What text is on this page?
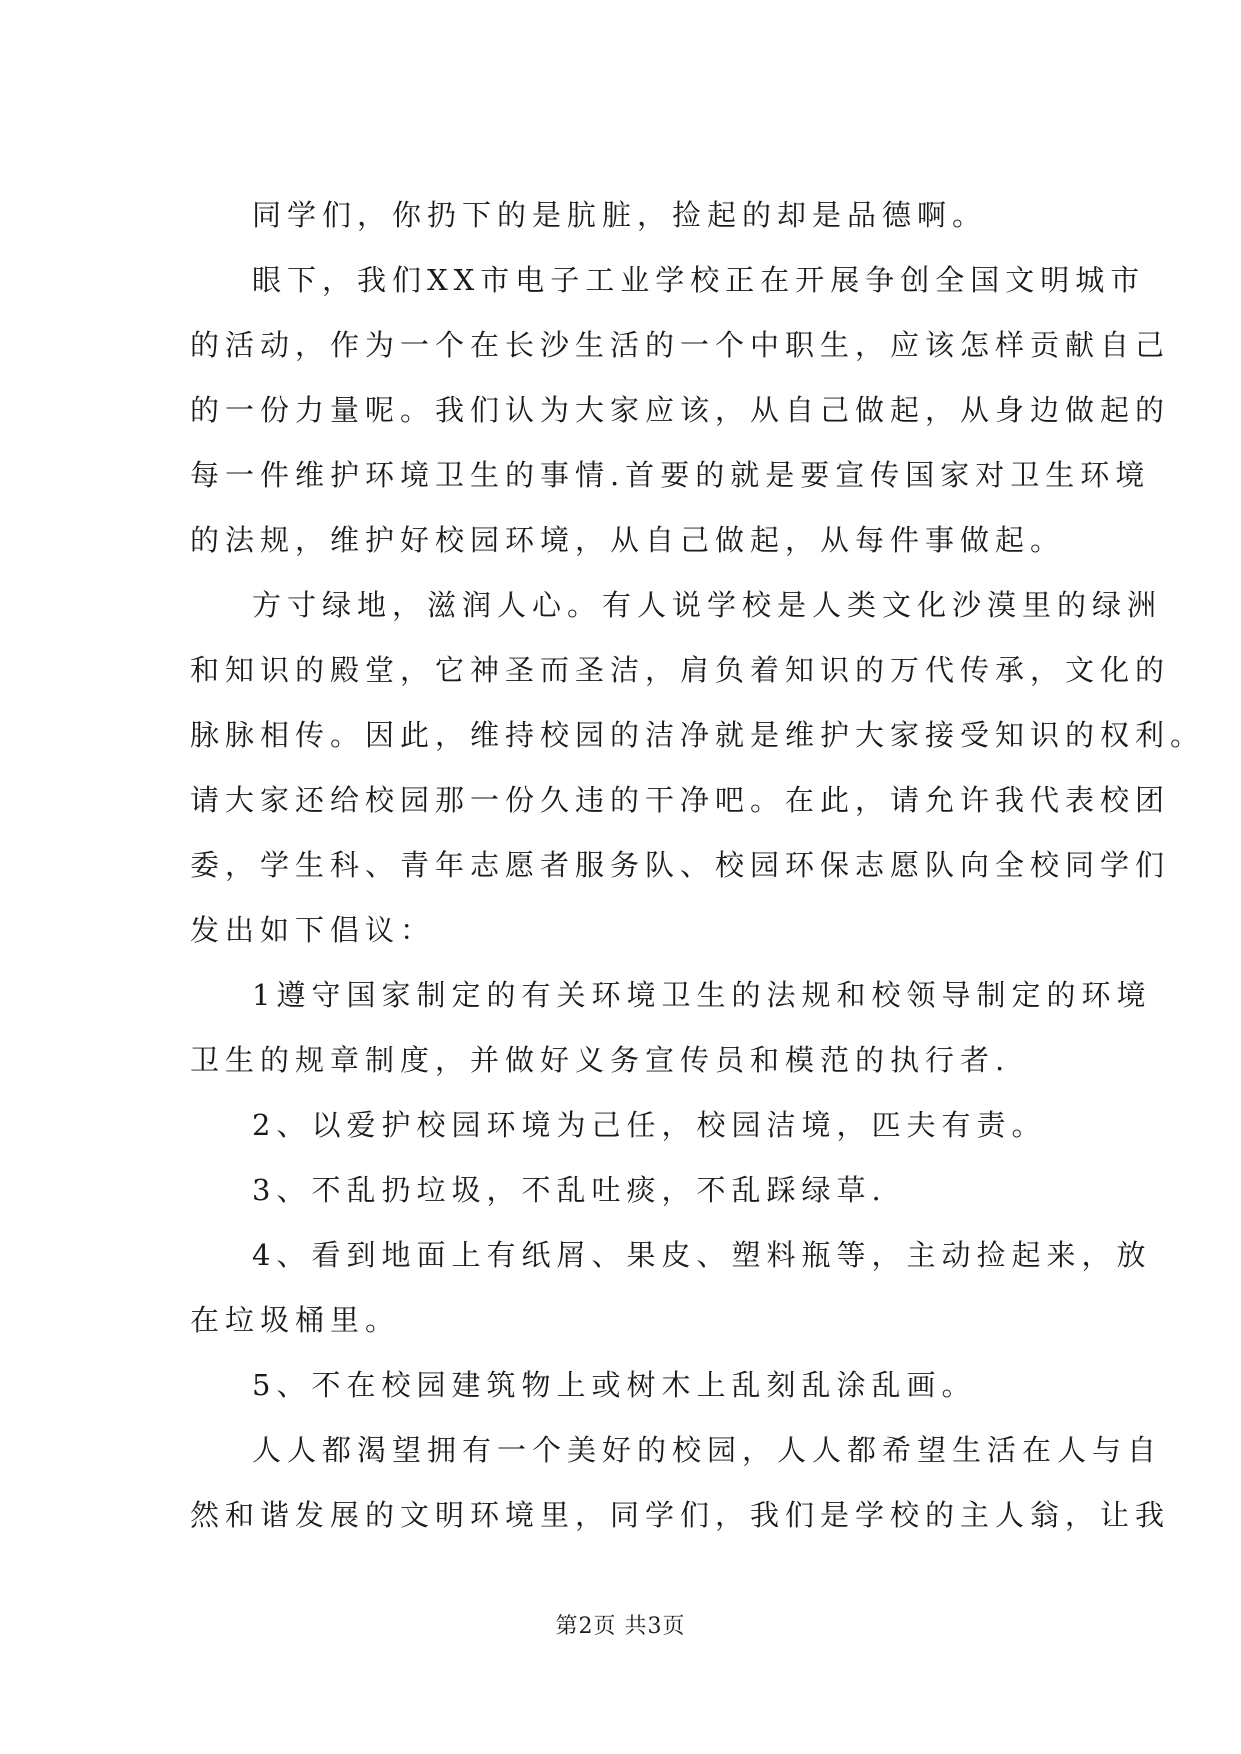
同学们，你扔下的是肮脏，捡起的却是品德啊。
眼下，我们XX市电子工业学校正在开展争创全国文明城市
的活动，作为一个在长沙生活的一个中职生，应该怎样贡献自己
的一份力量呢。我们认为大家应该，从自己做起，从身边做起的
每一件维护环境卫生的事情.首要的就是要宣传国家对卫生环境
的法规，维护好校园环境，从自己做起，从每件事做起。
方寸绿地，滋润人心。有人说学校是人类文化沙漠里的绿洲
和知识的殿堂，它神圣而圣洁，肩负着知识的万代传承，文化的
脉脉相传。因此，维持校园的洁净就是维护大家接受知识的权利。
请大家还给校园那一份久违的干净吧。在此，请允许我代表校团
委，学生科、青年志愿者服务队、校园环保志愿队向全校同学们
发出如下倡议：
1遵守国家制定的有关环境卫生的法规和校领导制定的环境
卫生的规章制度，并做好义务宣传员和模范的执行者.
2、以爱护校园环境为己任，校园洁境，匹夫有责。
3、不乱扔垃圾，不乱吐痰，不乱踩绿草.
4、看到地面上有纸屑、果皮、塑料瓶等，主动捡起来，放
在垃圾桶里。
5、不在校园建筑物上或树木上乱刻乱涂乱画。
人人都渴望拥有一个美好的校园，人人都希望生活在人与自
然和谐发展的文明环境里，同学们，我们是学校的主人翁，让我
第2页 共3页
